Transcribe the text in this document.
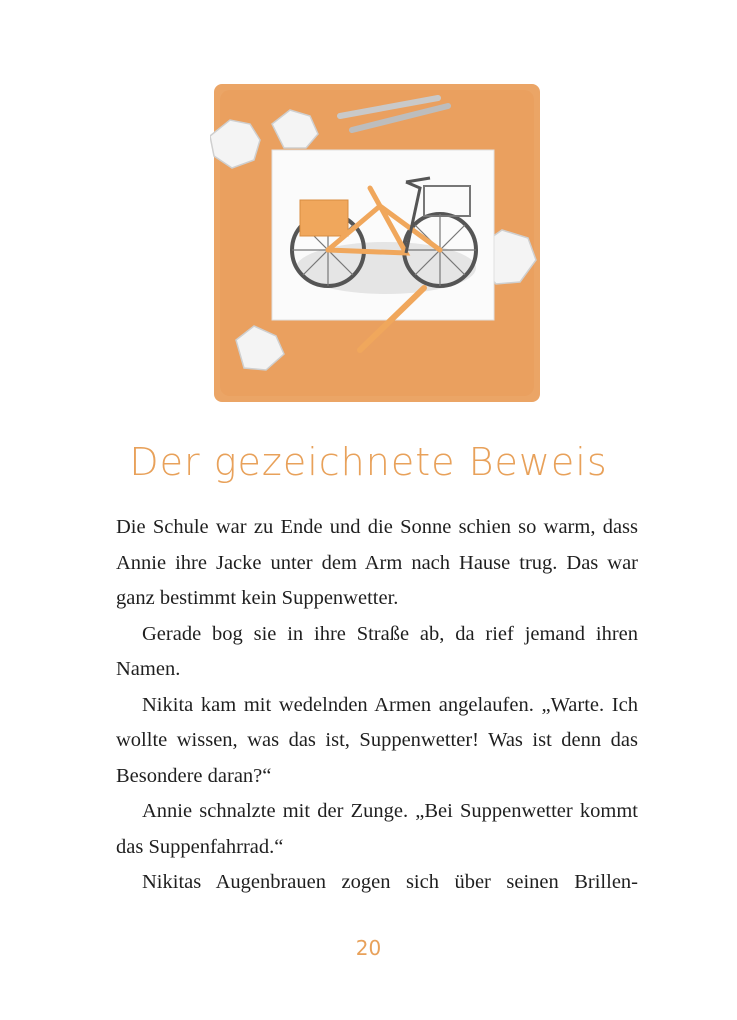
Der gezeichnete Beweis

Die Schule war zu Ende und die Sonne schien so warm, dass Annie ihre Jacke unter dem Arm nach Hause trug. Das war ganz bestimmt kein Suppenwetter.

Gerade bog sie in ihre Straße ab, da rief jemand ihren Namen.

Nikita kam mit wedelnden Armen angelaufen. „Warte. Ich wollte wissen, was das ist, Suppenwetter! Was ist denn das Besondere daran?“

Annie schnalzte mit der Zunge. „Bei Suppenwetter kommt das Suppenfahrrad.“

Nikitas Augenbrauen zogen sich über seinen Brillen-

20
